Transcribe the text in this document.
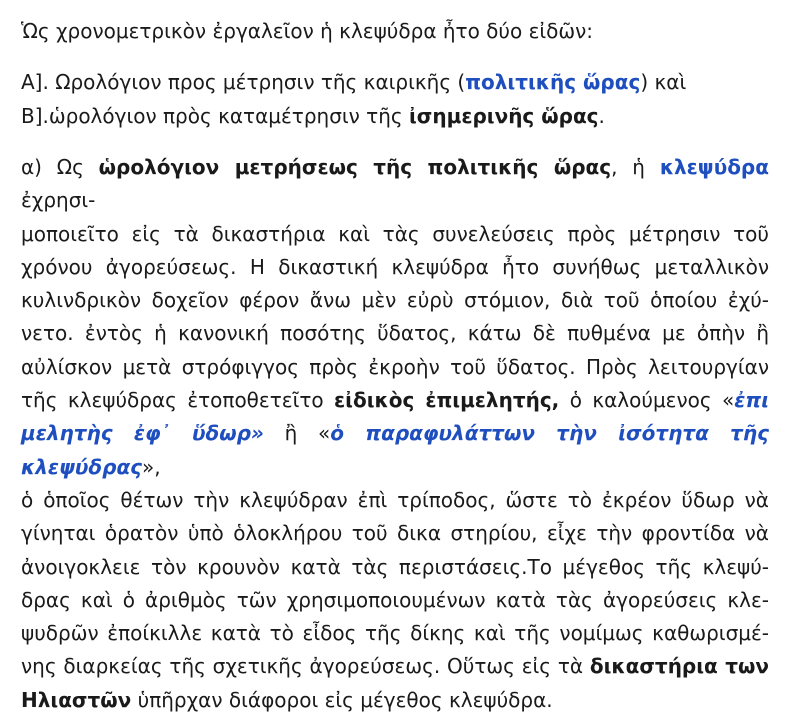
Ὡς χρονομετρικὸν ἐργαλεῖον ἡ κλεψύδρα ἦτο δύο εἰδῶν:
Α]. Ωρολόγιον προς μέτρησιν τῆς καιρικῆς (πολιτικῆς ὥρας) καὶ
Β].ὡρολόγιον πρὸς καταμέτρησιν τῆς ἰσημερινῆς ὥρας.
α) Ως ὡρολόγιον μετρήσεως τῆς πολιτικῆς ὥρας, ἡ κλεψύδρα ἐχρησι-
μοποιεῖτο εἰς τὰ δικαστήρια καὶ τὰς συνελεύσεις πρὸς μέτρησιν τοῦ
χρόνου ἀγορεύσεως. Η δικαστική κλεψύδρα ἦτο συνήθως μεταλλικὸν
κυλινδρικὸν δοχεῖον φέρον ἄνω μὲν εὐρὺ στόμιον, διὰ τοῦ ὁποίου ἐχύ-
νετο. ἐντὸς ἡ κανονική ποσότης ὕδατος, κάτω δὲ πυθμένα με ὀπὴν ἢ
αὐλίσκον μετὰ στρόφιγγος πρὸς ἐκροὴν τοῦ ὕδατος. Πρὸς λειτουργίαν
τῆς κλεψύδρας ἐτοποθετεῖτο εἰδικὸς ἐπιμελητής, ὁ καλούμενος «ἐπι
μελητὴς ἐφ᾿ ὕδωρ» ἢ «ὁ παραφυλάττων τὴν ἰσότητα τῆς κλεψύδρας»,
ὁ ὁποῖος θέτων τὴν κλεψύδραν ἐπὶ τρίποδος, ὥστε τὸ ἐκρέον ὕδωρ νὰ
γίνηται ὁρατὸν ὑπὸ ὁλοκλήρου τοῦ δικα στηρίου, εἶχε τὴν φροντίδα νὰ
ἀνοιγοκλειε τὸν κρουνὸν κατὰ τὰς περιστάσεις.Το μέγεθος τῆς κλεψύ-
δρας καὶ ὁ ἀριθμὸς τῶν χρησιμοποιουμένων κατὰ τὰς ἀγορεύσεις κλε-
ψυδρῶν ἐποίκιλλε κατὰ τὸ εἶδος τῆς δίκης καὶ τῆς νομίμως καθωρισμέ-
νης διαρκείας τῆς σχετικῆς ἀγορεύσεως. Οὕτως εἰς τὰ δικαστήρια των
Ηλιαστῶν ὑπῆρχαν διάφοροι εἰς μέγεθος κλεψύδρα.
